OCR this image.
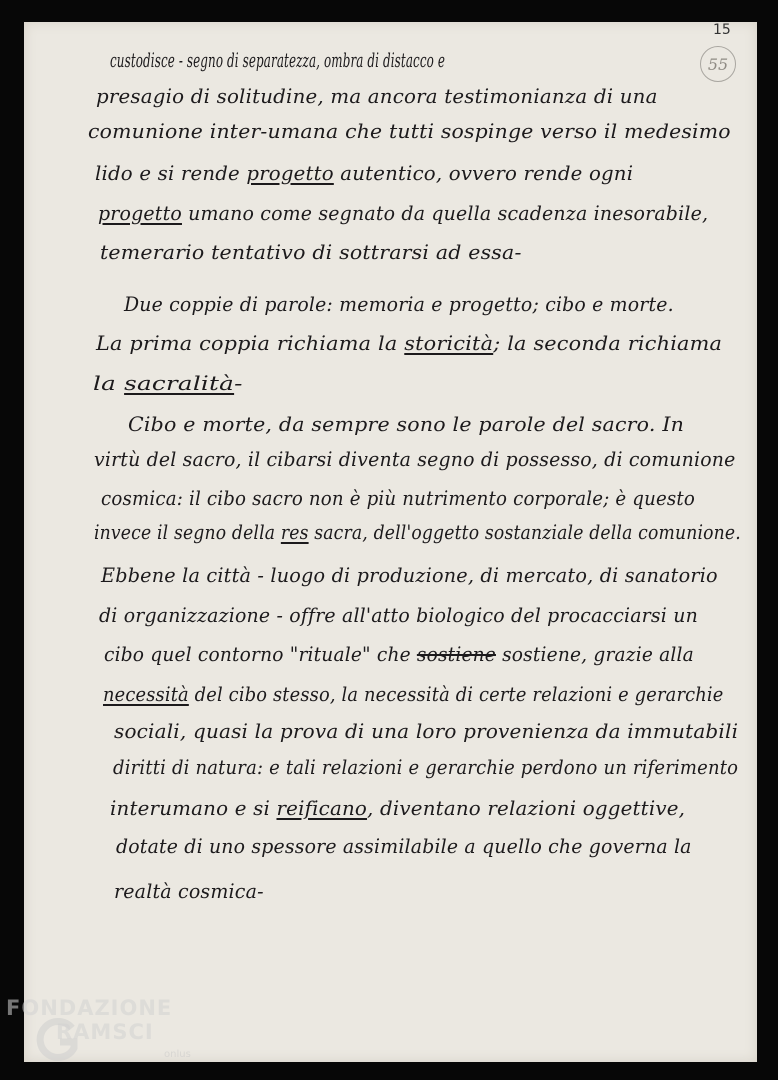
15
55
custodisce - segno di separatezza, ombra di distacco e
presagio di solitudine, ma ancora testimonianza di una
comunione inter-umana che tutti sospinge verso il medesimo
lido e si rende progetto autentico, ovvero rende ogni
progetto umano come segnato da quella scadenza inesorabile,
temerario tentativo di sottrarsi ad essa-
Due coppie di parole: memoria e progetto; cibo e morte.
La prima coppia richiama la storicità; la seconda richiama
la sacralità-
Cibo e morte, da sempre sono le parole del sacro. In
virtù del sacro, il cibarsi diventa segno di possesso, di comunione
cosmica: il cibo sacro non è più nutrimento corporale; è questo
invece il segno della res sacra, dell'oggetto sostanziale della comunione.
Ebbene la città - luogo di produzione, di mercato, di sanatorio
di organizzazione - offre all'atto biologico del procacciarsi un
cibo quel contorno "rituale" che sostiene sostiene, grazie alla
necessità del cibo stesso, la necessità di certe relazioni e gerarchie
sociali, quasi la prova di una loro provenienza da immutabili
diritti di natura: e tali relazioni e gerarchie perdono un riferimento
interumano e si reificano, diventano relazioni oggettive,
dotate di uno spessore assimilabile a quello che governa la
realtà cosmica-
FONDAZIONE
RAMSCI
onlus
